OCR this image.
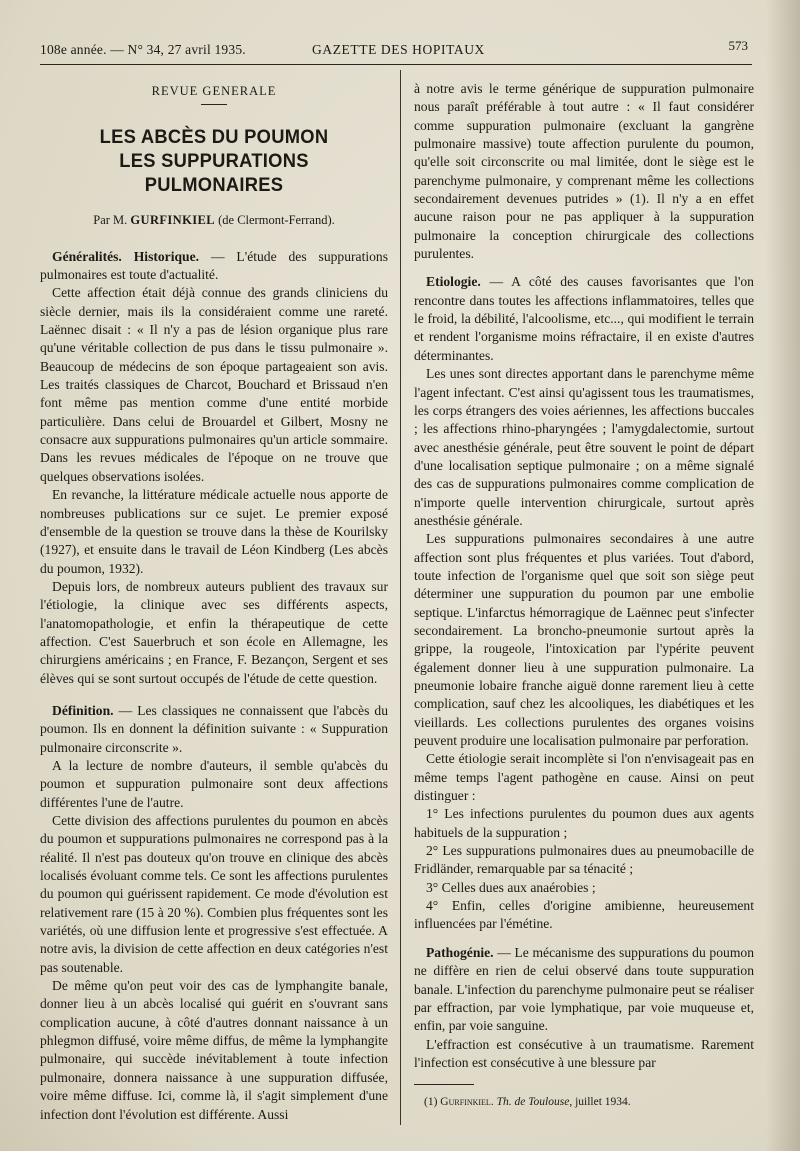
108e année. — N° 34, 27 avril 1935.	GAZETTE DES HOPITAUX	573

REVUE GENERALE

LES ABCÈS DU POUMON
LES SUPPURATIONS PULMONAIRES

Par M. GURFINKIEL (de Clermont-Ferrand).

Généralités. Historique. — L'étude des suppurations pulmonaires est toute d'actualité.

Cette affection était déjà connue des grands cliniciens du siècle dernier, mais ils la considéraient comme une rareté. Laënnec disait : « Il n'y a pas de lésion organique plus rare qu'une véritable collection de pus dans le tissu pulmonaire ». Beaucoup de médecins de son époque partageaient son avis. Les traités classiques de Charcot, Bouchard et Brissaud n'en font même pas mention comme d'une entité morbide particulière. Dans celui de Brouardel et Gilbert, Mosny ne consacre aux suppurations pulmonaires qu'un article sommaire. Dans les revues médicales de l'époque on ne trouve que quelques observations isolées.

En revanche, la littérature médicale actuelle nous apporte de nombreuses publications sur ce sujet. Le premier exposé d'ensemble de la question se trouve dans la thèse de Kourilsky (1927), et ensuite dans le travail de Léon Kindberg (Les abcès du poumon, 1932).

Depuis lors, de nombreux auteurs publient des travaux sur l'étiologie, la clinique avec ses différents aspects, l'anatomopathologie, et enfin la thérapeutique de cette affection. C'est Sauerbruch et son école en Allemagne, les chirurgiens américains ; en France, F. Bezançon, Sergent et ses élèves qui se sont surtout occupés de l'étude de cette question.

Définition. — Les classiques ne connaissent que l'abcès du poumon. Ils en donnent la définition suivante : « Suppuration pulmonaire circonscrite ».

A la lecture de nombre d'auteurs, il semble qu'abcès du poumon et suppuration pulmonaire sont deux affections différentes l'une de l'autre.

Cette division des affections purulentes du poumon en abcès du poumon et suppurations pulmonaires ne correspond pas à la réalité. Il n'est pas douteux qu'on trouve en clinique des abcès localisés évoluant comme tels. Ce sont les affections purulentes du poumon qui guérissent rapidement. Ce mode d'évolution est relativement rare (15 à 20 %). Combien plus fréquentes sont les variétés, où une diffusion lente et progressive s'est effectuée. A notre avis, la division de cette affection en deux catégories n'est pas soutenable.

De même qu'on peut voir des cas de lymphangite banale, donner lieu à un abcès localisé qui guérit en s'ouvrant sans complication aucune, à côté d'autres donnant naissance à un phlegmon diffusé, voire même diffus, de même la lymphangite pulmonaire, qui succède inévitablement à toute infection pulmonaire, donnera naissance à une suppuration diffusée, voire même diffuse. Ici, comme là, il s'agit simplement d'une infection dont l'évolution est différente. Aussi

à notre avis le terme générique de suppuration pulmonaire nous paraît préférable à tout autre : « Il faut considérer comme suppuration pulmonaire (excluant la gangrène pulmonaire massive) toute affection purulente du poumon, qu'elle soit circonscrite ou mal limitée, dont le siège est le parenchyme pulmonaire, y comprenant même les collections secondairement devenues putrides » (1). Il n'y a en effet aucune raison pour ne pas appliquer à la suppuration pulmonaire la conception chirurgicale des collections purulentes.

Etiologie. — A côté des causes favorisantes que l'on rencontre dans toutes les affections inflammatoires, telles que le froid, la débilité, l'alcoolisme, etc..., qui modifient le terrain et rendent l'organisme moins réfractaire, il en existe d'autres déterminantes.

Les unes sont directes apportant dans le parenchyme même l'agent infectant. C'est ainsi qu'agissent tous les traumatismes, les corps étrangers des voies aériennes, les affections buccales ; les affections rhino-pharyngées ; l'amygdalectomie, surtout avec anesthésie générale, peut être souvent le point de départ d'une localisation septique pulmonaire ; on a même signalé des cas de suppurations pulmonaires comme complication de n'importe quelle intervention chirurgicale, surtout après anesthésie générale.

Les suppurations pulmonaires secondaires à une autre affection sont plus fréquentes et plus variées. Tout d'abord, toute infection de l'organisme quel que soit son siège peut déterminer une suppuration du poumon par une embolie septique. L'infarctus hémorragique de Laënnec peut s'infecter secondairement. La broncho-pneumonie surtout après la grippe, la rougeole, l'intoxication par l'ypérite peuvent également donner lieu à une suppuration pulmonaire. La pneumonie lobaire franche aiguë donne rarement lieu à cette complication, sauf chez les alcooliques, les diabétiques et les vieillards. Les collections purulentes des organes voisins peuvent produire une localisation pulmonaire par perforation.

Cette étiologie serait incomplète si l'on n'envisageait pas en même temps l'agent pathogène en cause. Ainsi on peut distinguer :

1° Les infections purulentes du poumon dues aux agents habituels de la suppuration ;

2° Les suppurations pulmonaires dues au pneumobacille de Fridländer, remarquable par sa ténacité ;

3° Celles dues aux anaérobies ;

4° Enfin, celles d'origine amibienne, heureusement influencées par l'émétine.

Pathogénie. — Le mécanisme des suppurations du poumon ne diffère en rien de celui observé dans toute suppuration banale. L'infection du parenchyme pulmonaire peut se réaliser par effraction, par voie lymphatique, par voie muqueuse et, enfin, par voie sanguine.

L'effraction est consécutive à un traumatisme. Rarement l'infection est consécutive à une blessure par

(1) Gurfinkiel. Th. de Toulouse, juillet 1934.
